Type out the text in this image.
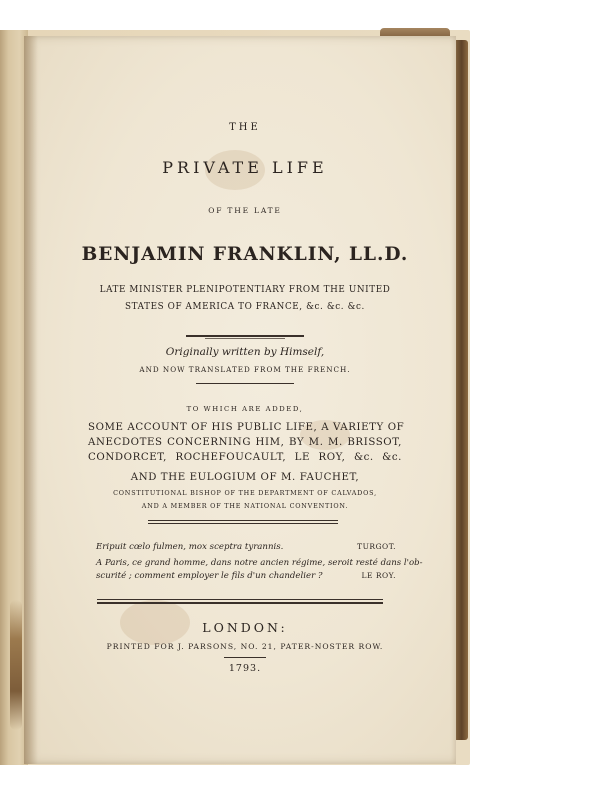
THE

PRIVATE LIFE

OF THE LATE

BENJAMIN FRANKLIN, LL.D.

LATE MINISTER PLENIPOTENTIARY FROM THE UNITED

STATES OF AMERICA TO FRANCE, &c. &c. &c.

Originally written by Himself,

AND NOW TRANSLATED FROM THE FRENCH.

TO WHICH ARE ADDED,

SOME ACCOUNT OF HIS PUBLIC LIFE, A VARIETY OF

ANECDOTES CONCERNING HIM, BY M. M. BRISSOT,

CONDORCET, ROCHEFOUCAULT, LE ROY, &c. &c.

AND THE EULOGIUM OF M. FAUCHET,

CONSTITUTIONAL BISHOP OF THE DEPARTMENT OF CALVADOS,

AND A MEMBER OF THE NATIONAL CONVENTION.

Eripuit cœlo fulmen, mox sceptra tyrannis.	TURGOT.
A Paris, ce grand homme, dans notre ancien régime, seroit resté dans l'ob-
scurité ; comment employer le fils d'un chandelier ?	LE ROY.

LONDON:

PRINTED FOR J. PARSONS, NO. 21, PATER-NOSTER ROW.

1793.
